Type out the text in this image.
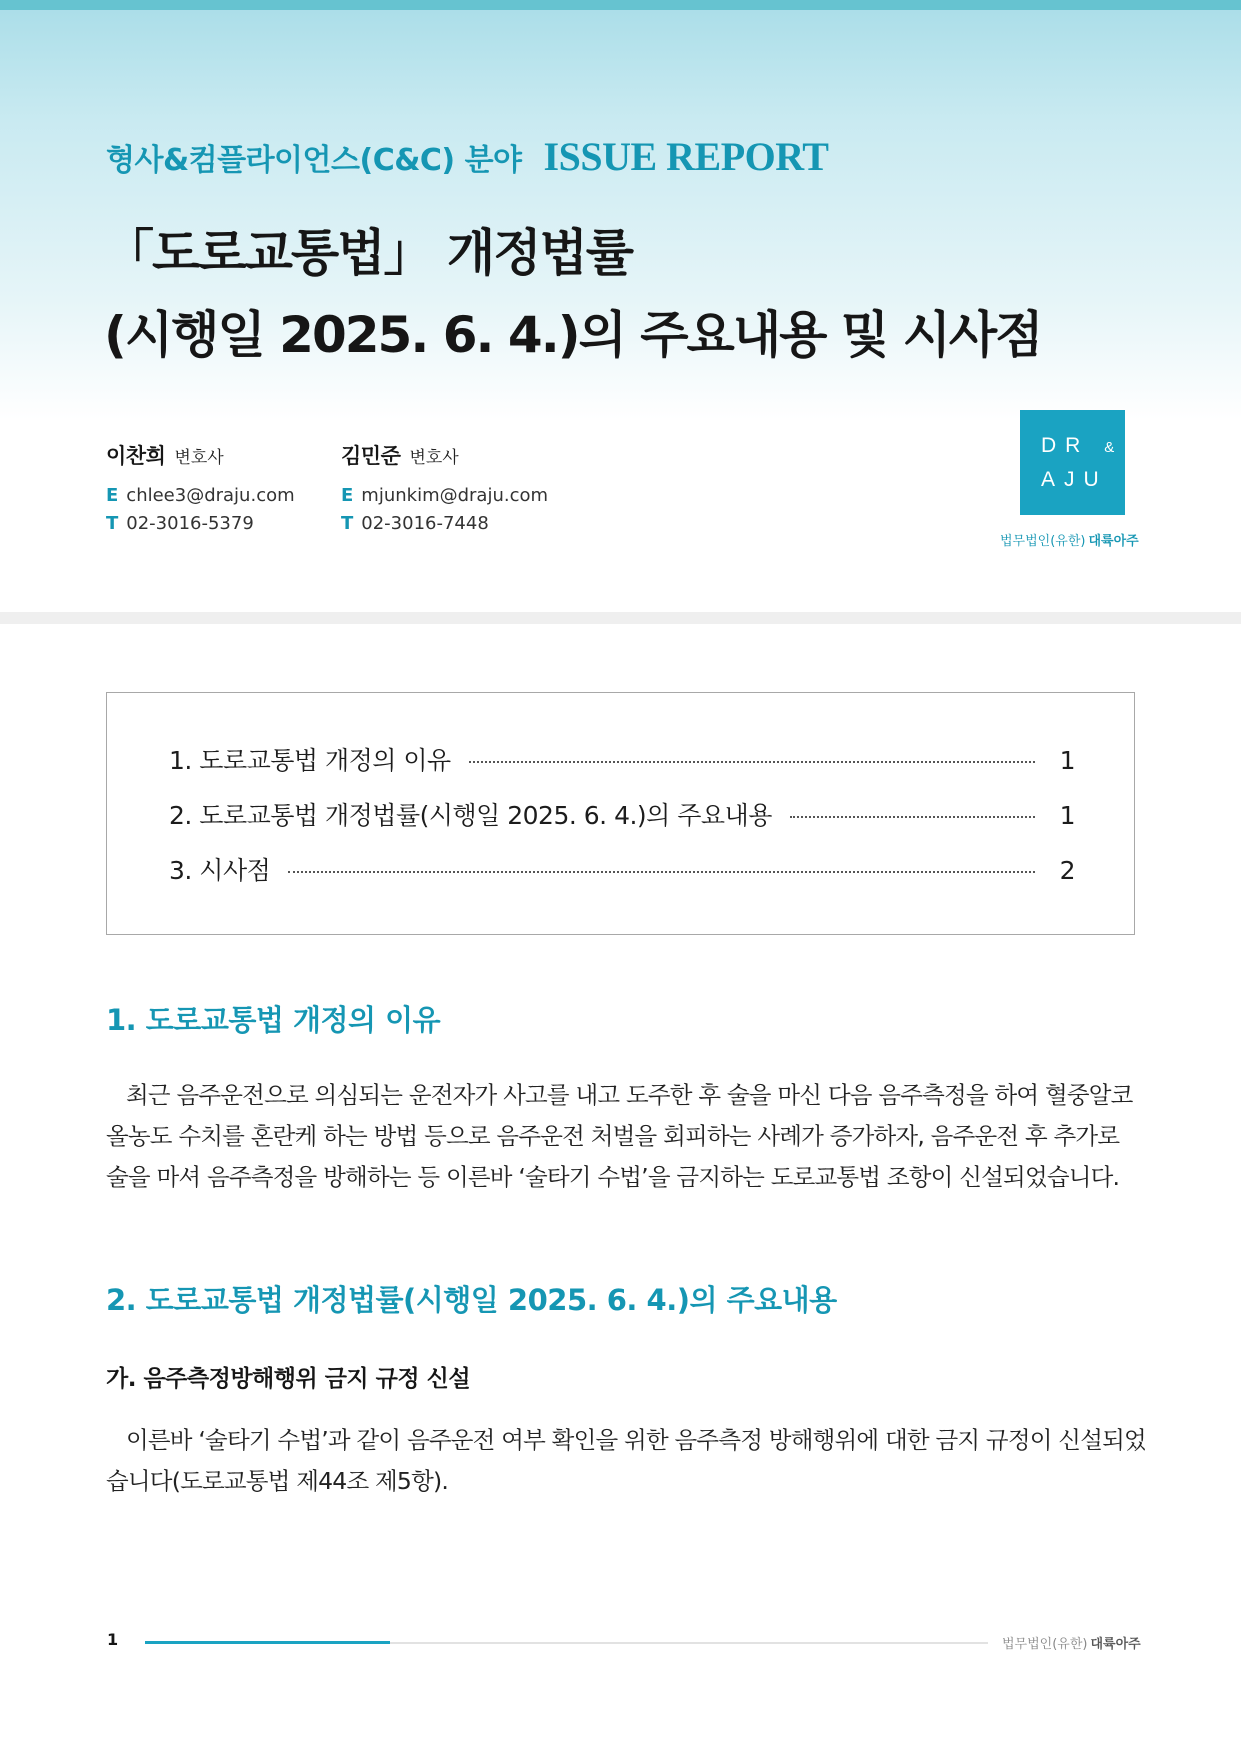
형사&컴플라이언스(C&C) 분야 ISSUE REPORT
「도로교통법」 개정법률
(시행일 2025. 6. 4.)의 주요내용 및 시사점
이찬희 변호사
E chlee3@draju.com
T 02-3016-5379
김민준 변호사
E mjunkim@draju.com
T 02-3016-7448
DR &
AJU
법무법인(유한) 대륙아주
1. 도로교통법 개정의 이유	1
2. 도로교통법 개정법률(시행일 2025. 6. 4.)의 주요내용	1
3. 시사점	2
1. 도로교통법 개정의 이유
최근 음주운전으로 의심되는 운전자가 사고를 내고 도주한 후 술을 마신 다음 음주측정을 하여 혈중알코
올농도 수치를 혼란케 하는 방법 등으로 음주운전 처벌을 회피하는 사례가 증가하자, 음주운전 후 추가로
술을 마셔 음주측정을 방해하는 등 이른바 ‘술타기 수법’을 금지하는 도로교통법 조항이 신설되었습니다.
2. 도로교통법 개정법률(시행일 2025. 6. 4.)의 주요내용
가. 음주측정방해행위 금지 규정 신설
이른바 ‘술타기 수법’과 같이 음주운전 여부 확인을 위한 음주측정 방해행위에 대한 금지 규정이 신설되었
습니다(도로교통법 제44조 제5항).
1	법무법인(유한) 대륙아주
